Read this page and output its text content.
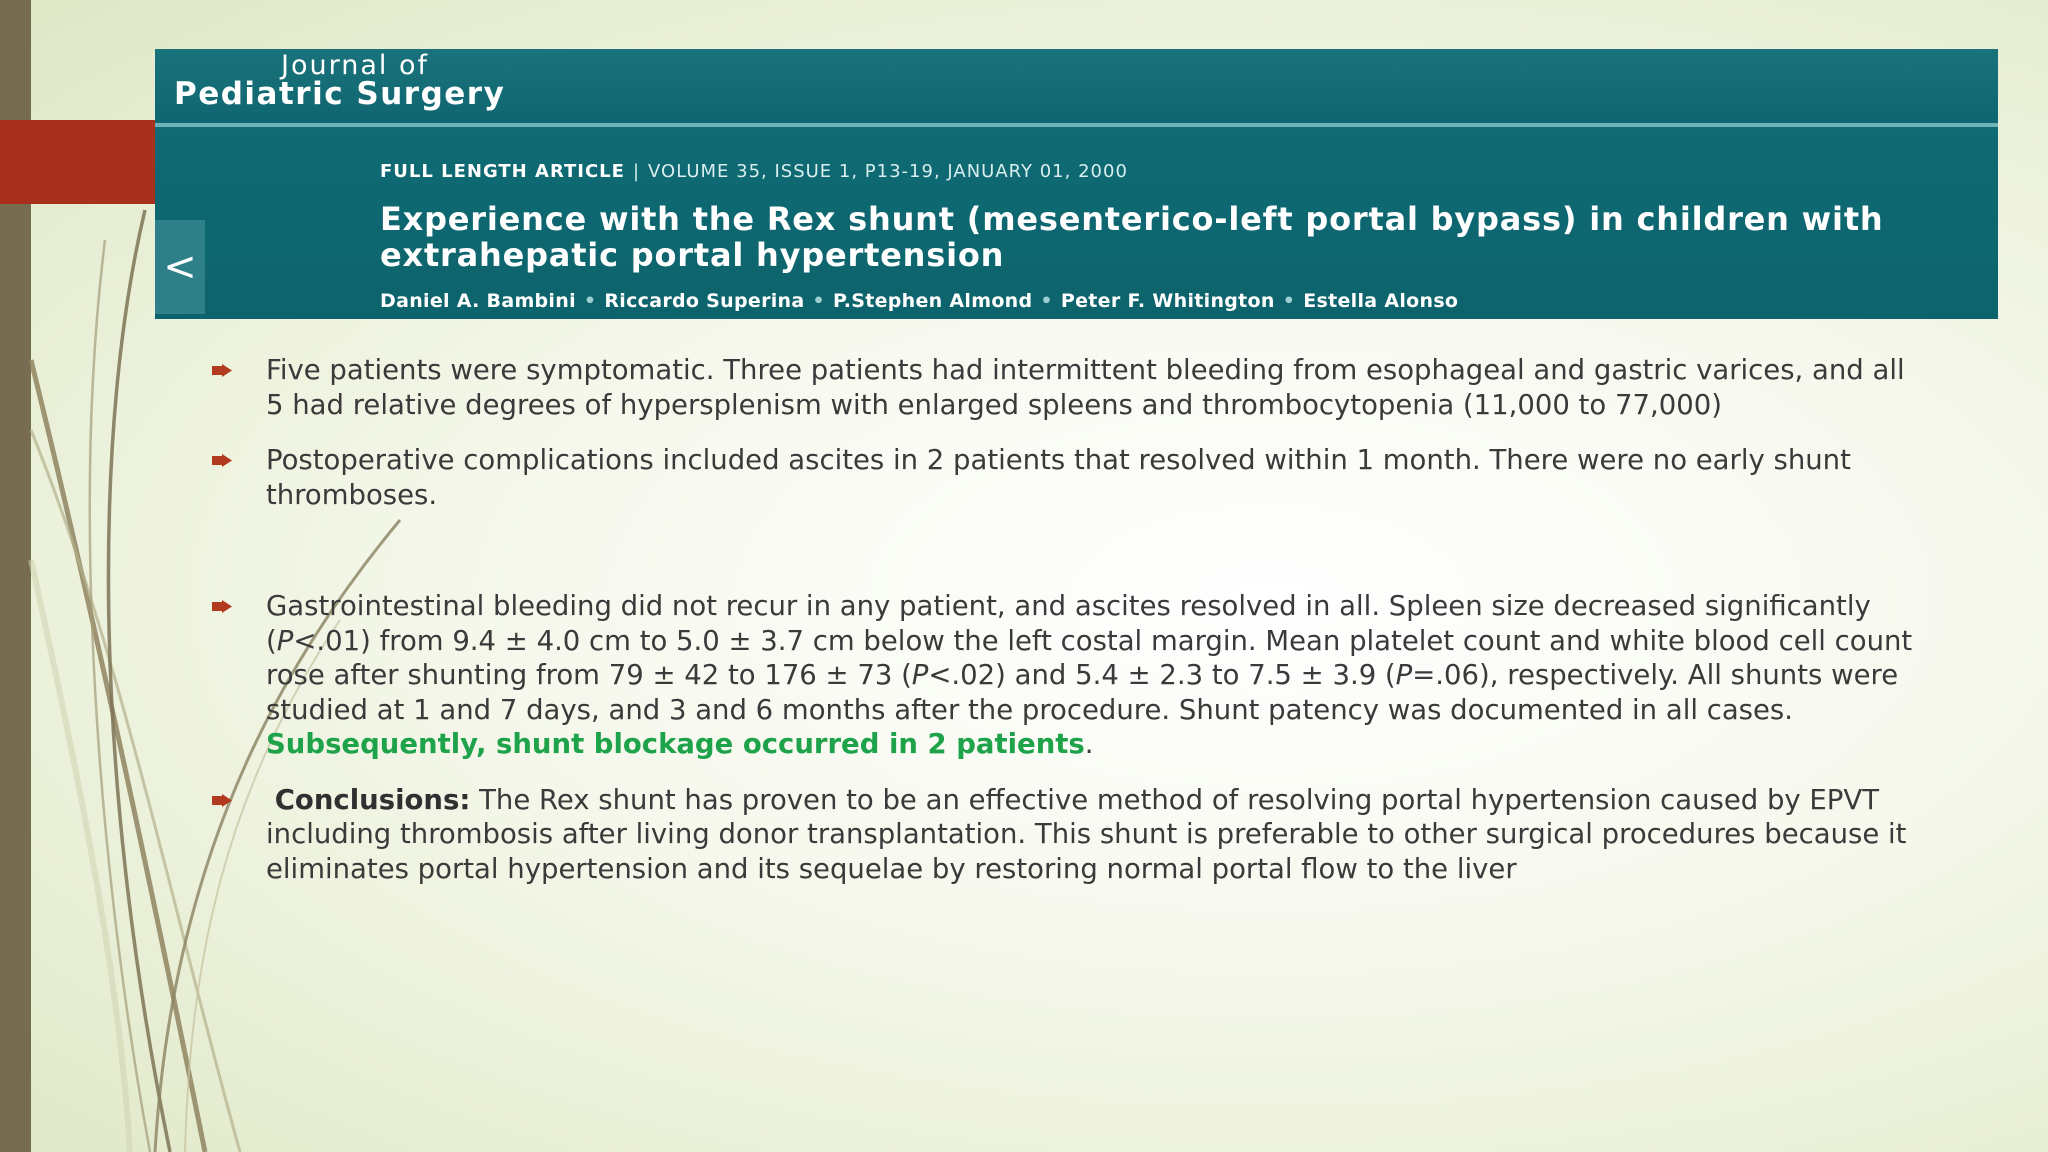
Journal of
Pediatric Surgery
<
FULL LENGTH ARTICLE | VOLUME 35, ISSUE 1, P13-19, JANUARY 01, 2000
Experience with the Rex shunt (mesenterico-left portal bypass) in children with extrahepatic portal hypertension
Daniel A. Bambini • Riccardo Superina • P.Stephen Almond • Peter F. Whitington • Estella Alonso
Five patients were symptomatic. Three patients had intermittent bleeding from esophageal and gastric varices, and all 5 had relative degrees of hypersplenism with enlarged spleens and thrombocytopenia (11,000 to 77,000)
Postoperative complications included ascites in 2 patients that resolved within 1 month. There were no early shunt thromboses.
Gastrointestinal bleeding did not recur in any patient, and ascites resolved in all. Spleen size decreased significantly (P<.01) from 9.4 ± 4.0 cm to 5.0 ± 3.7 cm below the left costal margin. Mean platelet count and white blood cell count rose after shunting from 79 ± 42 to 176 ± 73 (P<.02) and 5.4 ± 2.3 to 7.5 ± 3.9 (P=.06), respectively. All shunts were studied at 1 and 7 days, and 3 and 6 months after the procedure. Shunt patency was documented in all cases. Subsequently, shunt blockage occurred in 2 patients.
Conclusions: The Rex shunt has proven to be an effective method of resolving portal hypertension caused by EPVT including thrombosis after living donor transplantation. This shunt is preferable to other surgical procedures because it eliminates portal hypertension and its sequelae by restoring normal portal flow to the liver
